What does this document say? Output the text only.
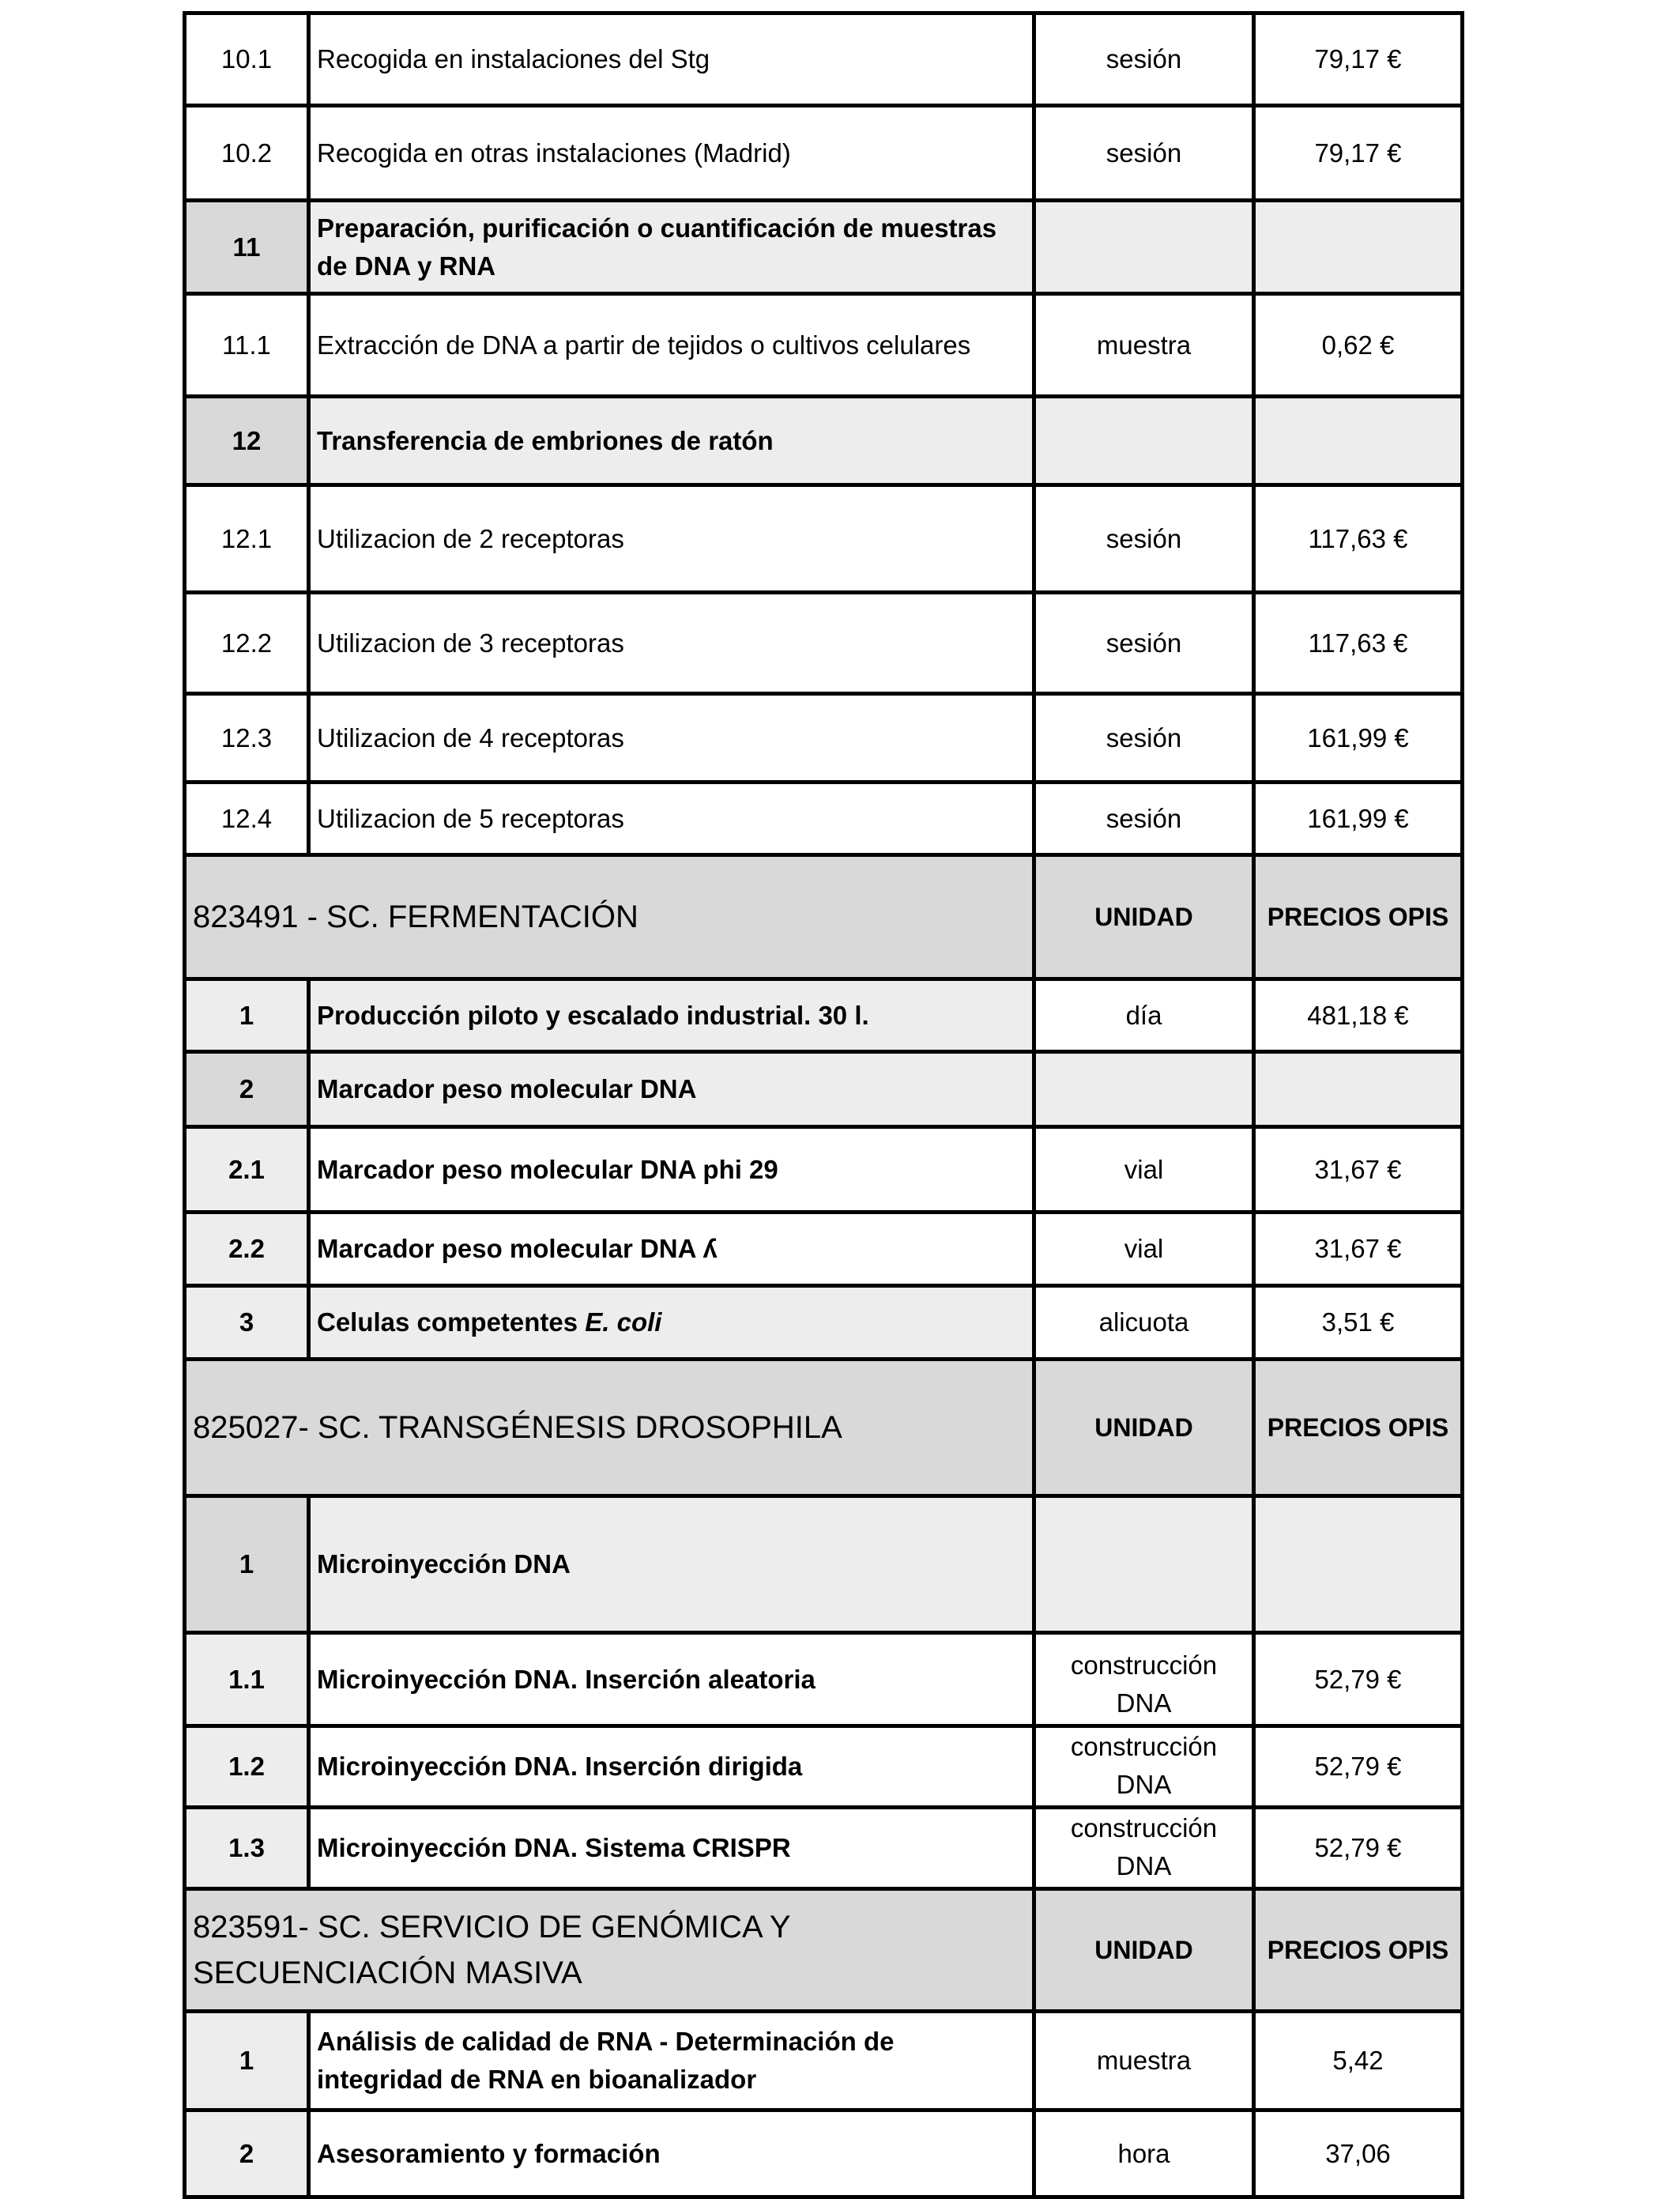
10.1	Recogida en instalaciones del Stg	sesión	79,17 €
10.2	Recogida en otras instalaciones (Madrid)	sesión	79,17 €
11	Preparación, purificación o cuantificación de muestras de DNA y RNA		
11.1	Extracción de DNA a partir de tejidos o cultivos celulares	muestra	0,62 €
12	Transferencia de embriones de ratón		
12.1	Utilizacion de 2 receptoras	sesión	117,63 €
12.2	Utilizacion de 3 receptoras	sesión	117,63 €
12.3	Utilizacion de 4 receptoras	sesión	161,99 €
12.4	Utilizacion de 5 receptoras	sesión	161,99 €
823491 - SC. FERMENTACIÓN		UNIDAD	PRECIOS OPIS
1	Producción piloto y escalado industrial. 30 l.	día	481,18 €
2	Marcador peso molecular DNA		
2.1	Marcador peso molecular DNA phi 29	vial	31,67 €
2.2	Marcador peso molecular DNA ʎ	vial	31,67 €
3	Celulas competentes E. coli	alicuota	3,51 €
825027- SC. TRANSGÉNESIS DROSOPHILA		UNIDAD	PRECIOS OPIS
1	Microinyección DNA		
1.1	Microinyección DNA. Inserción aleatoria	construcción DNA	52,79 €
1.2	Microinyección DNA. Inserción dirigida	construcción DNA	52,79 €
1.3	Microinyección DNA. Sistema CRISPR	construcción DNA	52,79 €
823591- SC. SERVICIO DE GENÓMICA Y SECUENCIACIÓN MASIVA		UNIDAD	PRECIOS OPIS
1	Análisis de calidad de RNA - Determinación de integridad de RNA en bioanalizador	muestra	5,42
2	Asesoramiento y formación	hora	37,06
